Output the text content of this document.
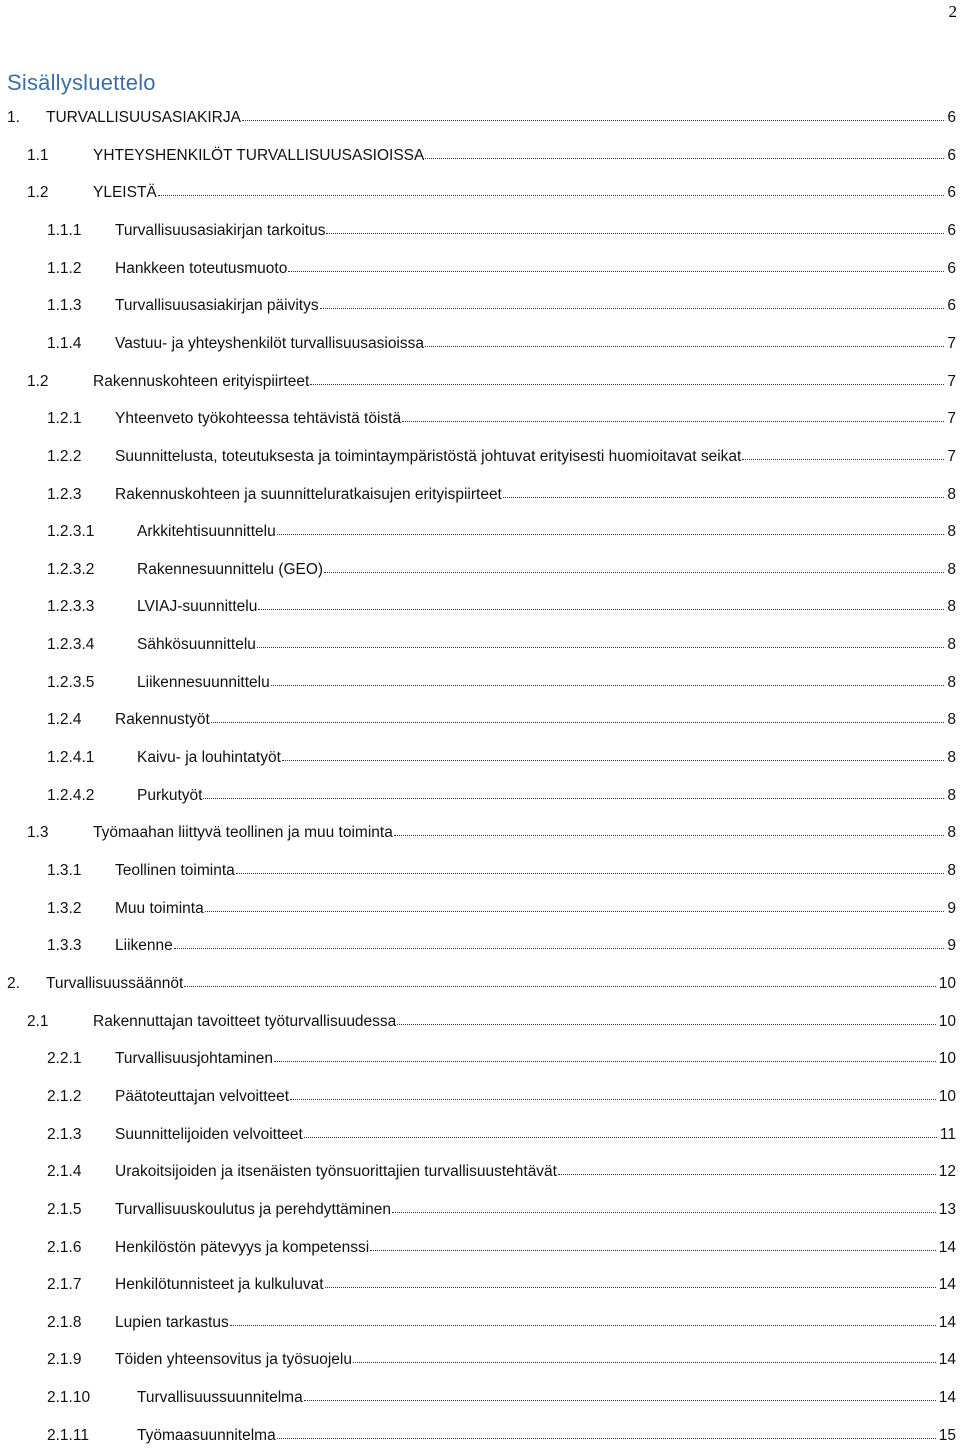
2
Sisällysluettelo
1.	TURVALLISUUSASIAKIRJA	6
1.1	YHTEYSHENKILÖT TURVALLISUUSASIOISSA	6
1.2	YLEISTÄ	6
1.1.1	Turvallisuusasiakirjan tarkoitus	6
1.1.2	Hankkeen toteutusmuoto	6
1.1.3	Turvallisuusasiakirjan päivitys	6
1.1.4	Vastuu- ja yhteyshenkilöt turvallisuusasioissa	7
1.2	Rakennuskohteen erityispiirteet	7
1.2.1	Yhteenveto työkohteessa tehtävistä töistä	7
1.2.2	Suunnittelusta, toteutuksesta ja toimintaympäristöstä johtuvat erityisesti huomioitavat seikat	7
1.2.3	Rakennuskohteen ja suunnitteluratkaisujen erityispiirteet	8
1.2.3.1	Arkkitehtisuunnittelu	8
1.2.3.2	Rakennesuunnittelu (GEO)	8
1.2.3.3	LVIAJ-suunnittelu	8
1.2.3.4	Sähkösuunnittelu	8
1.2.3.5	Liikennesuunnittelu	8
1.2.4	Rakennustyöt	8
1.2.4.1	Kaivu- ja louhintatyöt	8
1.2.4.2	Purkutyöt	8
1.3	Työmaahan liittyvä teollinen ja muu toiminta	8
1.3.1	Teollinen toiminta	8
1.3.2	Muu toiminta	9
1.3.3	Liikenne	9
2.	Turvallisuussäännöt	10
2.1	Rakennuttajan tavoitteet työturvallisuudessa	10
2.2.1	Turvallisuusjohtaminen	10
2.1.2	Päätoteuttajan velvoitteet	10
2.1.3	Suunnittelijoiden velvoitteet	11
2.1.4	Urakoitsijoiden ja itsenäisten työnsuorittajien turvallisuustehtävät	12
2.1.5	Turvallisuuskoulutus ja perehdyttäminen	13
2.1.6	Henkilöstön pätevyys ja kompetenssi	14
2.1.7	Henkilötunnisteet ja kulkuluvat	14
2.1.8	Lupien tarkastus	14
2.1.9	Töiden yhteensovitus ja työsuojelu	14
2.1.10	Turvallisuussuunnitelma	14
2.1.11	Työmaasuunnitelma	15
